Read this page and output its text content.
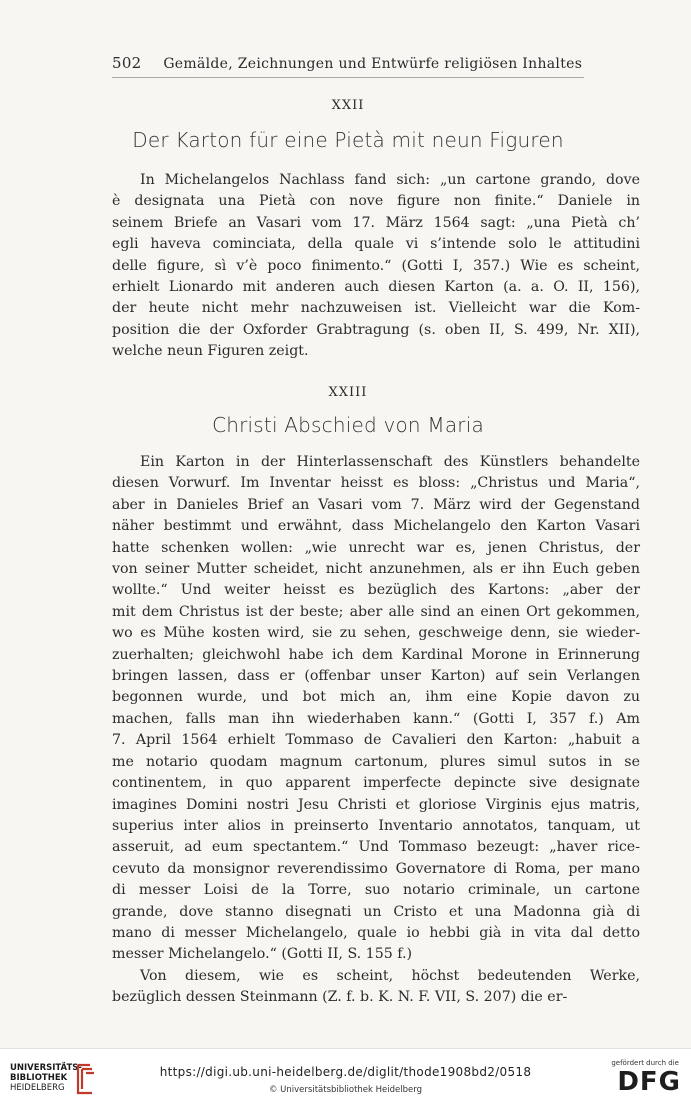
502	Gemälde, Zeichnungen und Entwürfe religiösen Inhaltes
XXII
Der Karton für eine Pietà mit neun Figuren
In Michelangelos Nachlass fand sich: „un cartone grando, dove
è designata una Pietà con nove figure non finite.“ Daniele in
seinem Briefe an Vasari vom 17. März 1564 sagt: „una Pietà ch’
egli haveva cominciata, della quale vi s’intende solo le attitudini
delle figure, sì v’è poco finimento.“ (Gotti I, 357.) Wie es scheint,
erhielt Lionardo mit anderen auch diesen Karton (a. a. O. II, 156),
der heute nicht mehr nachzuweisen ist. Vielleicht war die Kom-
position die der Oxforder Grabtragung (s. oben II, S. 499, Nr. XII),
welche neun Figuren zeigt.
XXIII
Christi Abschied von Maria
Ein Karton in der Hinterlassenschaft des Künstlers behandelte
diesen Vorwurf. Im Inventar heisst es bloss: „Christus und Maria“,
aber in Danieles Brief an Vasari vom 7. März wird der Gegenstand
näher bestimmt und erwähnt, dass Michelangelo den Karton Vasari
hatte schenken wollen: „wie unrecht war es, jenen Christus, der
von seiner Mutter scheidet, nicht anzunehmen, als er ihn Euch geben
wollte.“ Und weiter heisst es bezüglich des Kartons: „aber der
mit dem Christus ist der beste; aber alle sind an einen Ort gekommen,
wo es Mühe kosten wird, sie zu sehen, geschweige denn, sie wieder-
zuerhalten; gleichwohl habe ich dem Kardinal Morone in Erinnerung
bringen lassen, dass er (offenbar unser Karton) auf sein Verlangen
begonnen wurde, und bot mich an, ihm eine Kopie davon zu
machen, falls man ihn wiederhaben kann.“ (Gotti I, 357 f.) Am
7. April 1564 erhielt Tommaso de Cavalieri den Karton: „habuit a
me notario quodam magnum cartonum, plures simul sutos in se
continentem, in quo apparent imperfecte depincte sive designate
imagines Domini nostri Jesu Christi et gloriose Virginis ejus matris,
superius inter alios in preinserto Inventario annotatos, tanquam, ut
asseruit, ad eum spectantem.“ Und Tommaso bezeugt: „haver rice-
cevuto da monsignor reverendissimo Governatore di Roma, per mano
di messer Loisi de la Torre, suo notario criminale, un cartone
grande, dove stanno disegnati un Cristo et una Madonna già di
mano di messer Michelangelo, quale io hebbi già in vita dal detto
messer Michelangelo.“ (Gotti II, S. 155 f.)
Von diesem, wie es scheint, höchst bedeutenden Werke,
bezüglich dessen Steinmann (Z. f. b. K. N. F. VII, S. 207) die er-
UNIVERSITÄTS-
BIBLIOTHEK
HEIDELBERG
https://digi.ub.uni-heidelberg.de/diglit/thode1908bd2/0518
© Universitätsbibliothek Heidelberg
gefördert durch die
DFG
